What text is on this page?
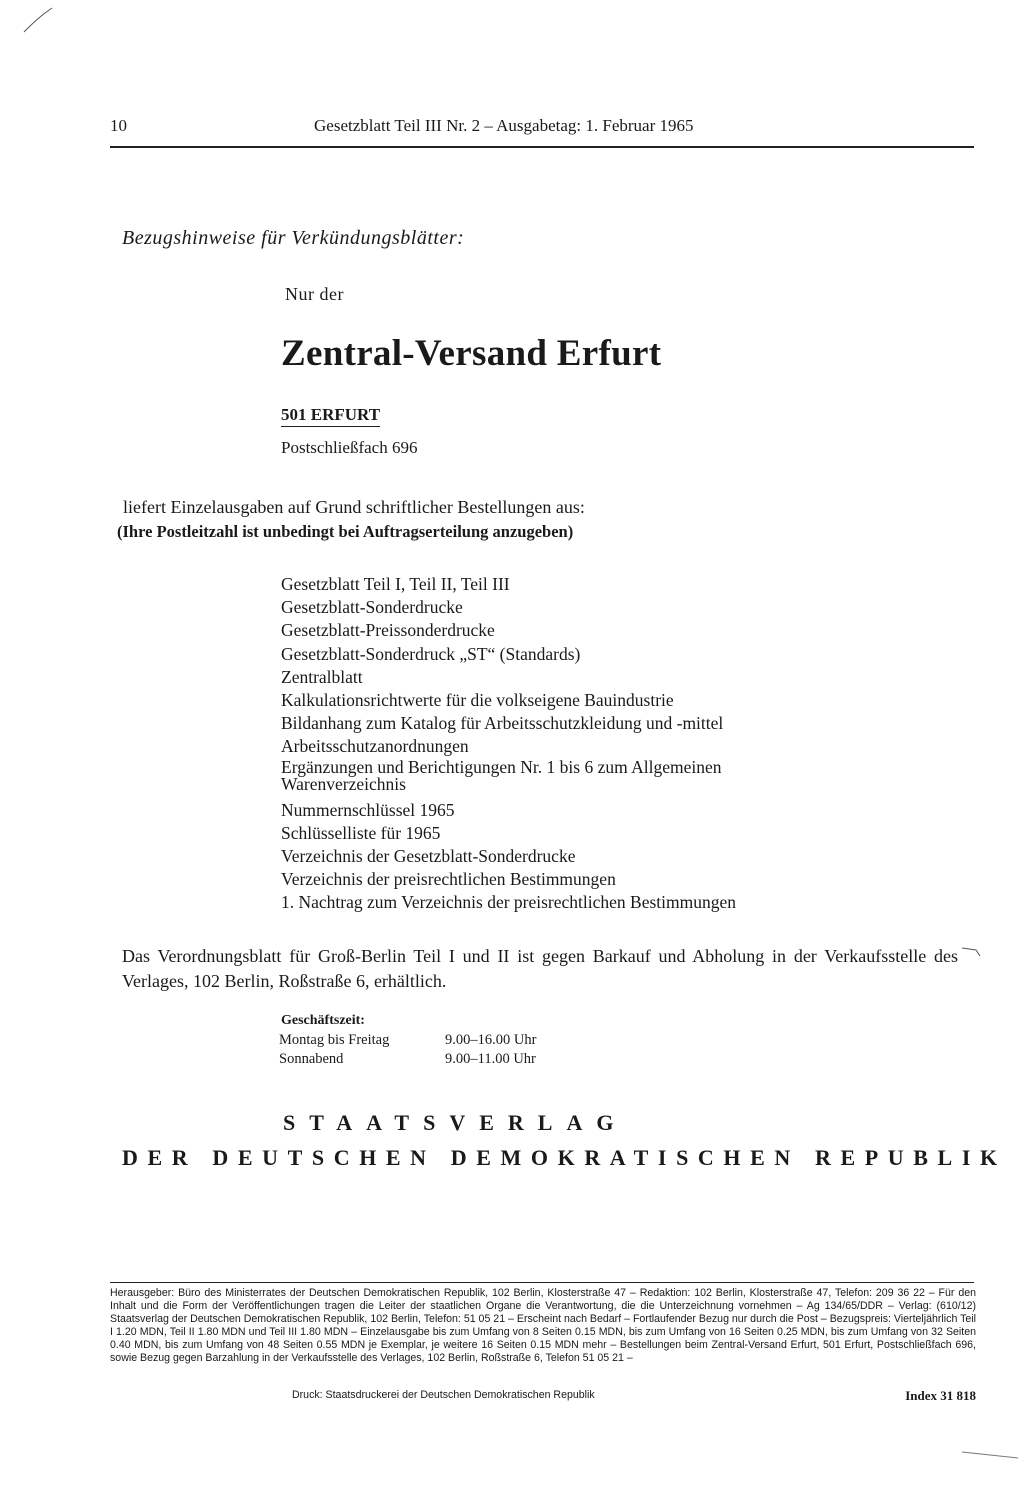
10	Gesetzblatt Teil III Nr. 2 – Ausgabetag: 1. Februar 1965
Bezugshinweise für Verkündungsblätter:
Nur der
Zentral-Versand Erfurt
501 ERFURT
Postschließfach 696
liefert Einzelausgaben auf Grund schriftlicher Bestellungen aus:
(Ihre Postleitzahl ist unbedingt bei Auftragserteilung anzugeben)
Gesetzblatt Teil I, Teil II, Teil III
Gesetzblatt-Sonderdrucke
Gesetzblatt-Preissonderdrucke
Gesetzblatt-Sonderdruck „ST“ (Standards)
Zentralblatt
Kalkulationsrichtwerte für die volkseigene Bauindustrie
Bildanhang zum Katalog für Arbeitsschutzkleidung und -mittel
Arbeitsschutzanordnungen
Ergänzungen und Berichtigungen Nr. 1 bis 6 zum Allgemeinen Warenverzeichnis
Nummernschlüssel 1965
Schlüsselliste für 1965
Verzeichnis der Gesetzblatt-Sonderdrucke
Verzeichnis der preisrechtlichen Bestimmungen
1. Nachtrag zum Verzeichnis der preisrechtlichen Bestimmungen
Das Verordnungsblatt für Groß-Berlin Teil I und II ist gegen Barkauf und Abholung in der Verkaufsstelle des Verlages, 102 Berlin, Roßstraße 6, erhältlich.
Geschäftszeit:
Montag bis Freitag	9.00–16.00 Uhr
Sonnabend	9.00–11.00 Uhr
STAATSVERLAG
DER DEUTSCHEN DEMOKRATISCHEN REPUBLIK
Herausgeber: Büro des Ministerrates der Deutschen Demokratischen Republik, 102 Berlin, Klosterstraße 47 – Redaktion: 102 Berlin, Klosterstraße 47, Telefon: 209 36 22 – Für den Inhalt und die Form der Veröffentlichungen tragen die Leiter der staatlichen Organe die Verantwortung, die die Unterzeichnung vornehmen – Ag 134/65/DDR – Verlag: (610/12) Staatsverlag der Deutschen Demokratischen Republik, 102 Berlin, Telefon: 51 05 21 – Erscheint nach Bedarf – Fortlaufender Bezug nur durch die Post – Bezugspreis: Vierteljährlich Teil I 1.20 MDN, Teil II 1.80 MDN und Teil III 1.80 MDN – Einzelausgabe bis zum Umfang von 8 Seiten 0.15 MDN, bis zum Umfang von 16 Seiten 0.25 MDN, bis zum Umfang von 32 Seiten 0.40 MDN, bis zum Umfang von 48 Seiten 0.55 MDN je Exemplar, je weitere 16 Seiten 0.15 MDN mehr – Bestellungen beim Zentral-Versand Erfurt, 501 Erfurt, Postschließfach 696, sowie Bezug gegen Barzahlung in der Verkaufsstelle des Verlages, 102 Berlin, Roßstraße 6, Telefon 51 05 21 –
Druck: Staatsdruckerei der Deutschen Demokratischen Republik	Index 31 818
